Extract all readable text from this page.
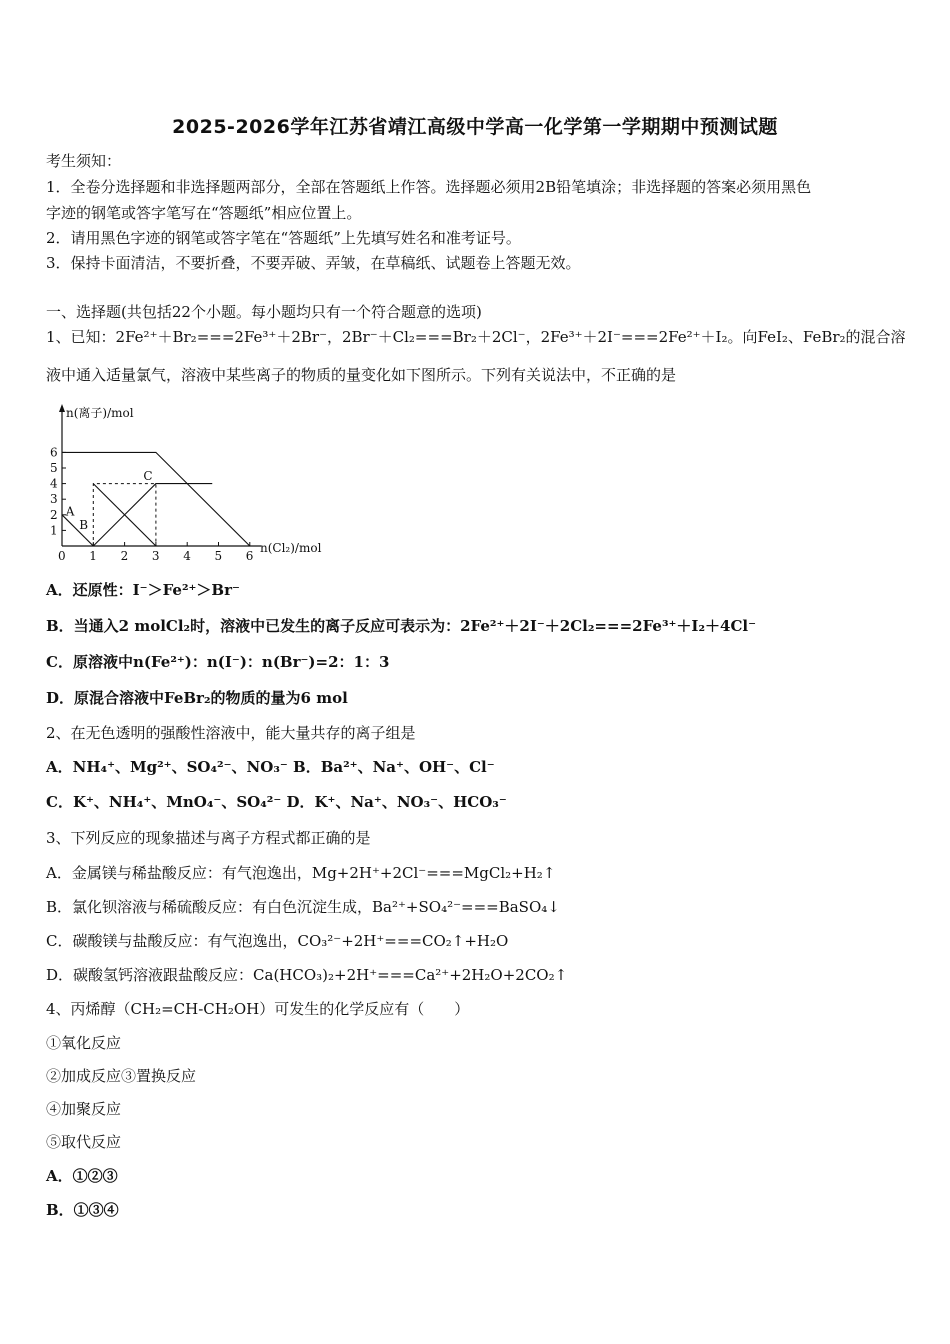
2025-2026学年江苏省靖江高级中学高一化学第一学期期中预测试题
考生须知：
1．全卷分选择题和非选择题两部分，全部在答题纸上作答。选择题必须用2B铅笔填涂；非选择题的答案必须用黑色
字迹的钢笔或答字笔写在“答题纸”相应位置上。
2．请用黑色字迹的钢笔或答字笔在“答题纸”上先填写姓名和准考证号。
3．保持卡面清洁，不要折叠，不要弄破、弄皱，在草稿纸、试题卷上答题无效。
一、选择题(共包括22个小题。每小题均只有一个符合题意的选项)
1、已知：2Fe²⁺＋Br₂===2Fe³⁺＋2Br⁻，2Br⁻＋Cl₂===Br₂＋2Cl⁻，2Fe³⁺＋2I⁻===2Fe²⁺＋I₂。向FeI₂、FeBr₂的混合溶
液中通入适量氯气，溶液中某些离子的物质的量变化如下图所示。下列有关说法中，不正确的是
n(离子)/mol
n(Cl₂)/mol
1
2
3
4
5
6
0 1 2 3 4 5 6
A
B
C
A．还原性：I⁻＞Fe²⁺＞Br⁻
B．当通入2 molCl₂时，溶液中已发生的离子反应可表示为：2Fe²⁺＋2I⁻＋2Cl₂===2Fe³⁺＋I₂＋4Cl⁻
C．原溶液中n(Fe²⁺)：n(I⁻)：n(Br⁻)=2：1：3
D．原混合溶液中FeBr₂的物质的量为6 mol
2、在无色透明的强酸性溶液中，能大量共存的离子组是
A．NH₄⁺、Mg²⁺、SO₄²⁻、NO₃⁻ B．Ba²⁺、Na⁺、OH⁻、Cl⁻
C．K⁺、NH₄⁺、MnO₄⁻、SO₄²⁻ D．K⁺、Na⁺、NO₃⁻、HCO₃⁻
3、下列反应的现象描述与离子方程式都正确的是
A．金属镁与稀盐酸反应：有气泡逸出，Mg+2H⁺+2Cl⁻===MgCl₂+H₂↑
B．氯化钡溶液与稀硫酸反应：有白色沉淀生成，Ba²⁺+SO₄²⁻===BaSO₄↓
C．碳酸镁与盐酸反应：有气泡逸出，CO₃²⁻+2H⁺===CO₂↑+H₂O
D．碳酸氢钙溶液跟盐酸反应：Ca(HCO₃)₂+2H⁺===Ca²⁺+2H₂O+2CO₂↑
4、丙烯醇（CH₂=CH-CH₂OH）可发生的化学反应有（　　）
①氧化反应
②加成反应③置换反应
④加聚反应
⑤取代反应
A．①②③
B．①③④
